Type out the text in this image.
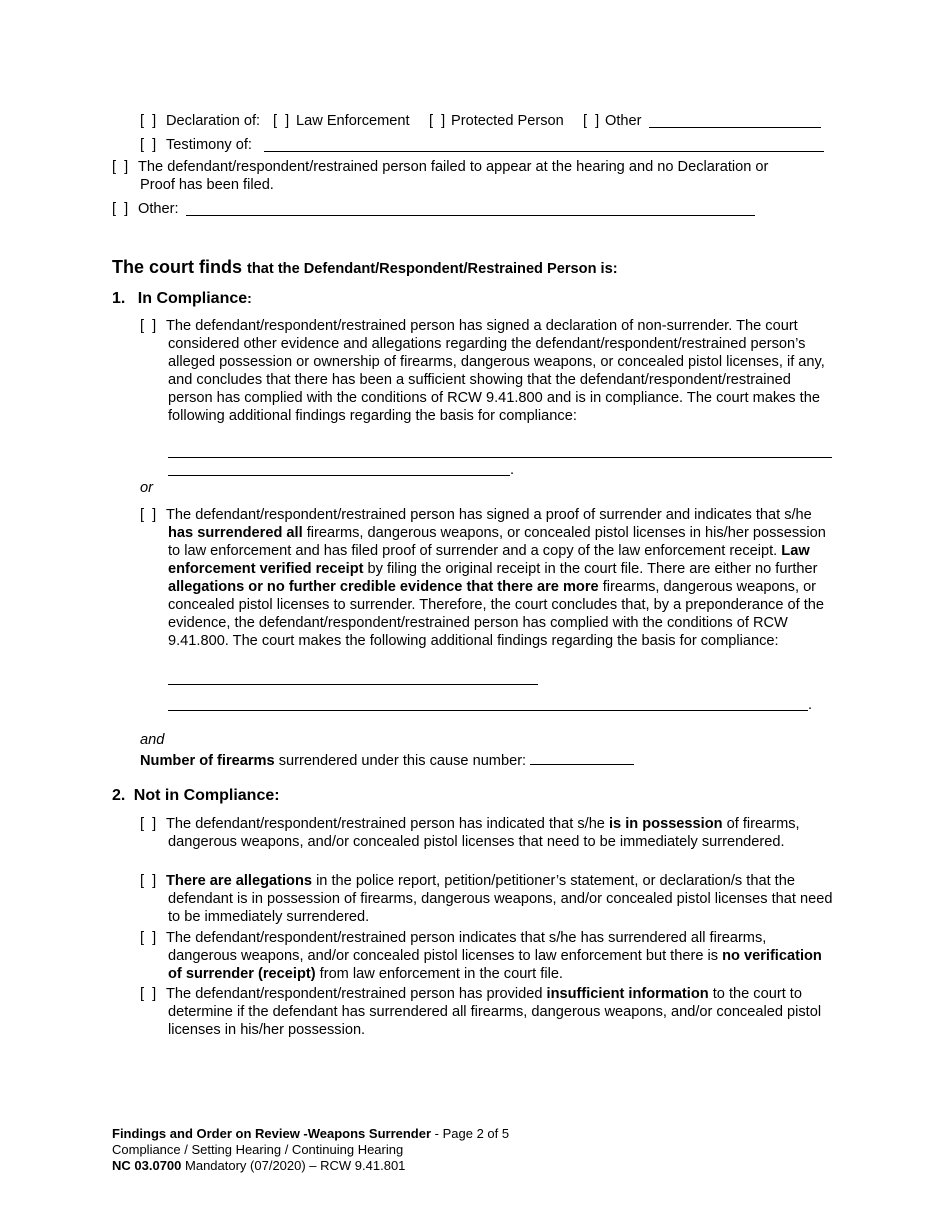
[  ] Declaration of: [  ] Law Enforcement [  ] Protected Person [  ] Other
[  ] Testimony of:
[  ] The defendant/respondent/restrained person failed to appear at the hearing and no Declaration or
Proof has been filed.
[  ] Other:
The court finds that the Defendant/Respondent/Restrained Person is:
1. In Compliance:
[  ] The defendant/respondent/restrained person has signed a declaration of non-surrender. The court considered other evidence and allegations regarding the defendant/respondent/restrained person’s alleged possession or ownership of firearms, dangerous weapons, or concealed pistol licenses, if any, and concludes that there has been a sufficient showing that the defendant/respondent/restrained person has complied with the conditions of RCW 9.41.800 and is in compliance. The court makes the following additional findings regarding the basis for compliance:
.
or
[  ] The defendant/respondent/restrained person has signed a proof of surrender and indicates that s/he has surrendered all firearms, dangerous weapons, or concealed pistol licenses in his/her possession to law enforcement and has filed proof of surrender and a copy of the law enforcement receipt. Law enforcement verified receipt by filing the original receipt in the court file. There are either no further allegations or no further credible evidence that there are more firearms, dangerous weapons, or concealed pistol licenses to surrender. Therefore, the court concludes that, by a preponderance of the evidence, the defendant/respondent/restrained person has complied with the conditions of RCW 9.41.800. The court makes the following additional findings regarding the basis for compliance:
.
and
Number of firearms surrendered under this cause number:
2. Not in Compliance:
[  ] The defendant/respondent/restrained person has indicated that s/he is in possession of firearms, dangerous weapons, and/or concealed pistol licenses that need to be immediately surrendered.
[  ] There are allegations in the police report, petition/petitioner’s statement, or declaration/s that the defendant is in possession of firearms, dangerous weapons, and/or concealed pistol licenses that need to be immediately surrendered.
[  ] The defendant/respondent/restrained person indicates that s/he has surrendered all firearms, dangerous weapons, and/or concealed pistol licenses to law enforcement but there is no verification of surrender (receipt) from law enforcement in the court file.
[  ] The defendant/respondent/restrained person has provided insufficient information to the court to determine if the defendant has surrendered all firearms, dangerous weapons, and/or concealed pistol licenses in his/her possession.
Findings and Order on Review -Weapons Surrender - Page 2 of 5
Compliance / Setting Hearing / Continuing Hearing
NC 03.0700 Mandatory (07/2020) – RCW 9.41.801
